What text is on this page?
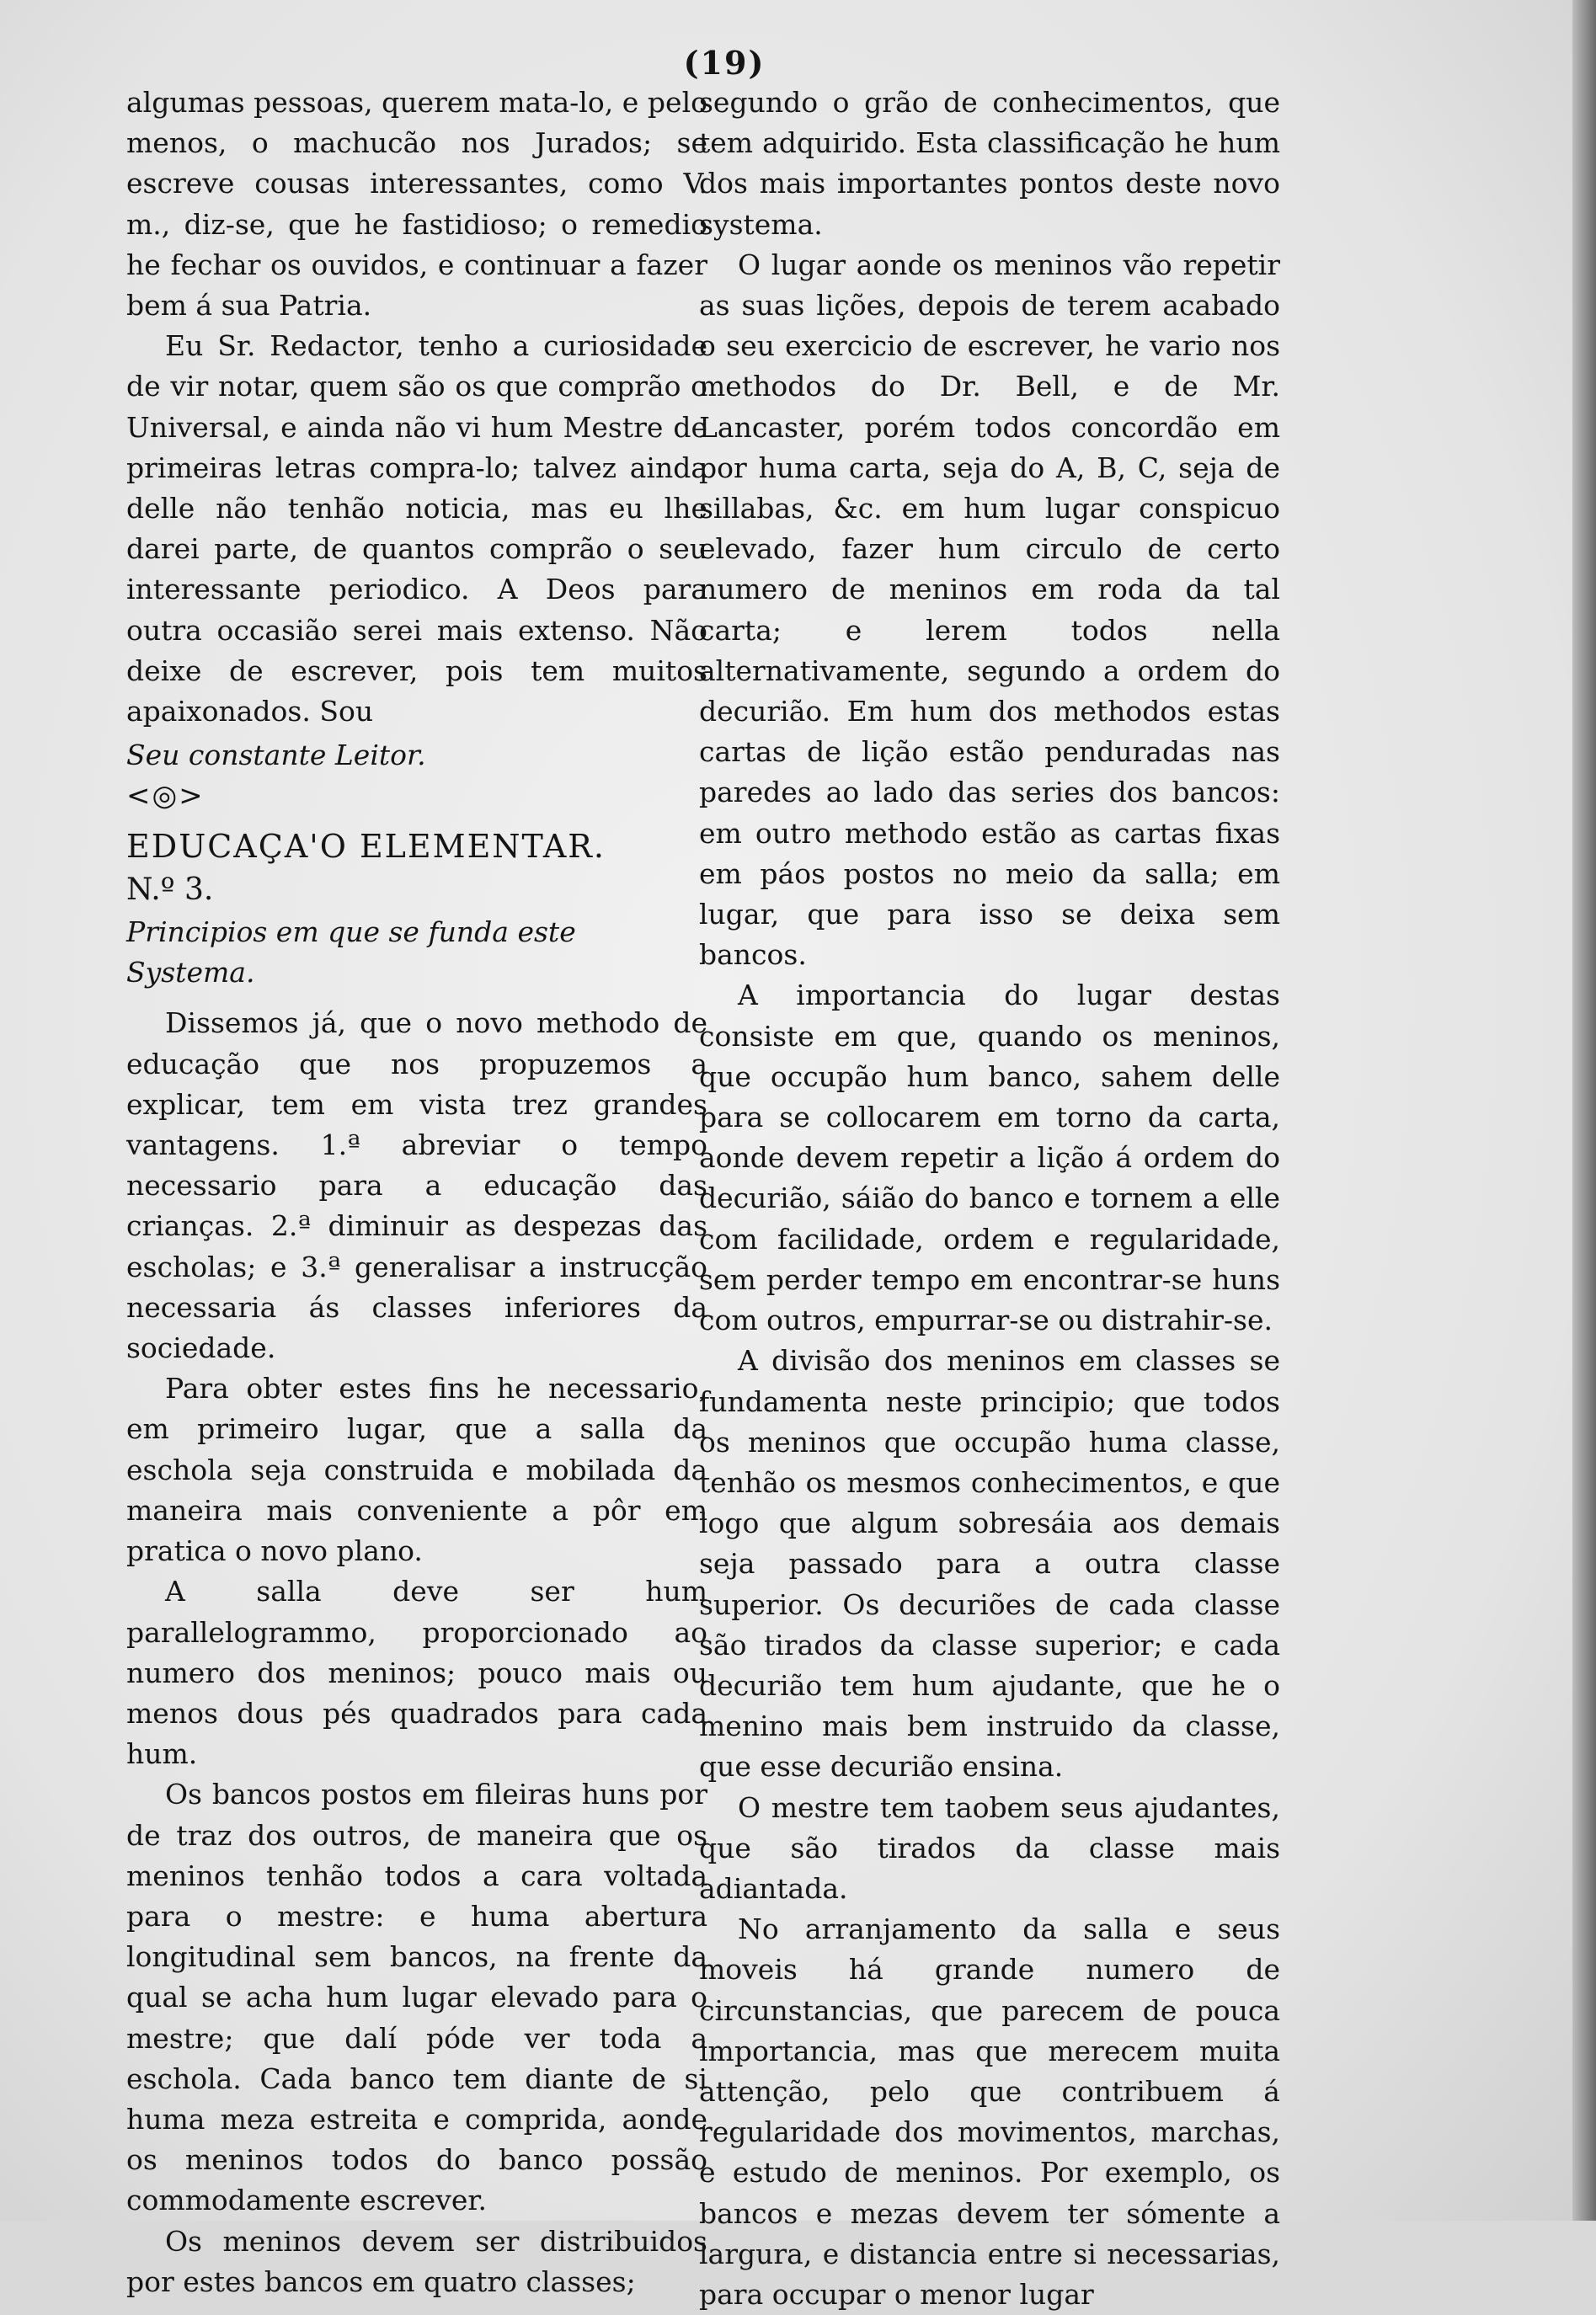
(19)

algumas pessoas, querem mata-lo, e pelo menos, o machucão nos Jurados; se escreve cousas interessantes, como V. m., diz-se, que he fastidioso; o remedio he fechar os ouvidos, e continuar a fazer bem á sua Patria.

Eu Sr. Redactor, tenho a curiosidade de vir notar, quem são os que comprão o Universal, e ainda não vi hum Mestre de primeiras letras compra-lo; talvez ainda delle não tenhão noticia, mas eu lhe darei parte, de quantos comprão o seu interessante periodico. A Deos para outra occasião serei mais extenso. Não deixe de escrever, pois tem muitos apaixonados. Sou

Seu constante Leitor.

<◎>

EDUCAÇA'O ELEMENTAR.

N.º 3.

Principios em que se funda este
Systema.

Dissemos já, que o novo methodo de educação que nos propuzemos a explicar, tem em vista trez grandes vantagens. 1.ª abreviar o tempo necessario para a educação das crianças. 2.ª diminuir as despezas das escholas; e 3.ª generalisar a instrucção necessaria ás classes inferiores da sociedade.

Para obter estes fins he necessario, em primeiro lugar, que a salla da eschola seja construida e mobilada da maneira mais conveniente a pôr em pratica o novo plano.

A salla deve ser hum parallelogrammo, proporcionado ao numero dos meninos; pouco mais ou menos dous pés quadrados para cada hum.

Os bancos postos em fileiras huns por de traz dos outros, de maneira que os meninos tenhão todos a cara voltada para o mestre: e huma abertura longitudinal sem bancos, na frente da qual se acha hum lugar elevado para o mestre; que dalí póde ver toda a eschola. Cada banco tem diante de si huma meza estreita e comprida, aonde os meninos todos do banco possão commodamente escrever.

Os meninos devem ser distribuidos por estes bancos em quatro classes;

segundo o grão de conhecimentos, que tem adquirido. Esta classificação he hum dos mais importantes pontos deste novo systema.

O lugar aonde os meninos vão repetir as suas lições, depois de terem acabado o seu exercicio de escrever, he vario nos methodos do Dr. Bell, e de Mr. Lancaster, porém todos concordão em por huma carta, seja do A, B, C, seja de sillabas, &c. em hum lugar conspicuo elevado, fazer hum circulo de certo numero de meninos em roda da tal carta; e lerem todos nella alternativamente, segundo a ordem do decurião. Em hum dos methodos estas cartas de lição estão penduradas nas paredes ao lado das series dos bancos: em outro methodo estão as cartas fixas em páos postos no meio da salla; em lugar, que para isso se deixa sem bancos.

A importancia do lugar destas consiste em que, quando os meninos, que occupão hum banco, sahem delle para se collocarem em torno da carta, aonde devem repetir a lição á ordem do decurião, sáião do banco e tornem a elle com facilidade, ordem e regularidade, sem perder tempo em encontrar-se huns com outros, empurrar-se ou distrahir-se.

A divisão dos meninos em classes se fundamenta neste principio; que todos os meninos que occupão huma classe, tenhão os mesmos conhecimentos, e que logo que algum sobresáia aos demais seja passado para a outra classe superior. Os decuriões de cada classe são tirados da classe superior; e cada decurião tem hum ajudante, que he o menino mais bem instruido da classe, que esse decurião ensina.

O mestre tem taobem seus ajudantes, que são tirados da classe mais adiantada.

No arranjamento da salla e seus moveis há grande numero de circunstancias, que parecem de pouca importancia, mas que merecem muita attenção, pelo que contribuem á regularidade dos movimentos, marchas, e estudo de meninos. Por exemplo, os bancos e mezas devem ter sómente a largura, e distancia entre si necessarias, para occupar o menor lugar
